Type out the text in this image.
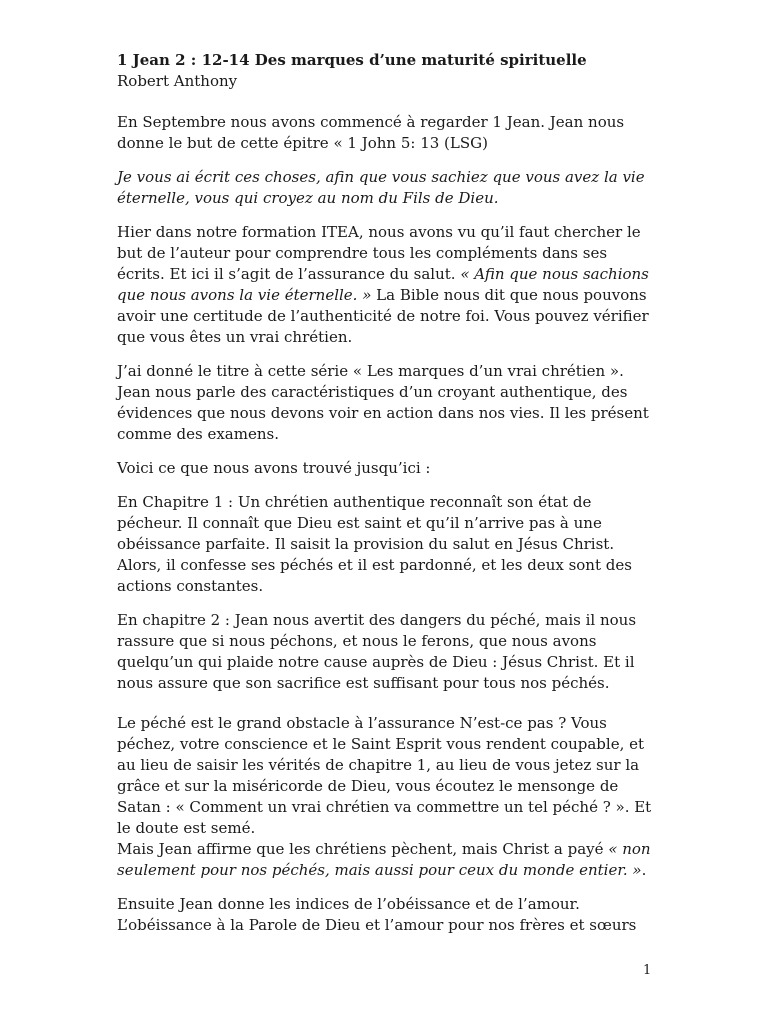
1 Jean 2 : 12-14 Des marques d’une maturité spirituelle

Robert Anthony

En Septembre nous avons commencé à regarder 1 Jean. Jean nous donne le but de cette épitre « 1 John 5: 13 (LSG)

Je vous ai écrit ces choses, afin que vous sachiez que vous avez la vie éternelle, vous qui croyez au nom du Fils de Dieu.

Hier dans notre formation ITEA, nous avons vu qu’il faut chercher le but de l’auteur pour comprendre tous les compléments dans ses écrits. Et ici il s’agit de l’assurance du salut. « Afin que nous sachions que nous avons la vie éternelle. » La Bible nous dit que nous pouvons avoir une certitude de l’authenticité de notre foi. Vous pouvez vérifier que vous êtes un vrai chrétien.

J’ai donné le titre à cette série « Les marques d’un vrai chrétien ». Jean nous parle des caractéristiques d’un croyant authentique, des évidences que nous devons voir en action dans nos vies. Il les présent comme des examens.

Voici ce que nous avons trouvé jusqu’ici :

En Chapitre 1 : Un chrétien authentique reconnaît son état de pécheur. Il connaît que Dieu est saint et qu’il n’arrive pas à une obéissance parfaite. Il saisit la provision du salut en Jésus Christ. Alors, il confesse ses péchés et il est pardonné, et les deux sont des actions constantes.

En chapitre 2 : Jean nous avertit des dangers du péché, mais il nous rassure que si nous péchons, et nous le ferons, que nous avons quelqu’un qui plaide notre cause auprès de Dieu : Jésus Christ. Et il nous assure que son sacrifice est suffisant pour tous nos péchés.

Le péché est le grand obstacle à l’assurance N’est-ce pas ? Vous péchez, votre conscience et le Saint Esprit vous rendent coupable, et au lieu de saisir les vérités de chapitre 1, au lieu de vous jetez sur la grâce et sur la miséricorde de Dieu, vous écoutez le mensonge de Satan : « Comment un vrai chrétien va commettre un tel péché ? ». Et le doute est semé.

Mais Jean affirme que les chrétiens pèchent, mais Christ a payé « non seulement pour nos péchés, mais aussi pour ceux du monde entier. ».

Ensuite Jean donne les indices de l’obéissance et de l’amour. L’obéissance à la Parole de Dieu et l’amour pour nos frères et sœurs

1
